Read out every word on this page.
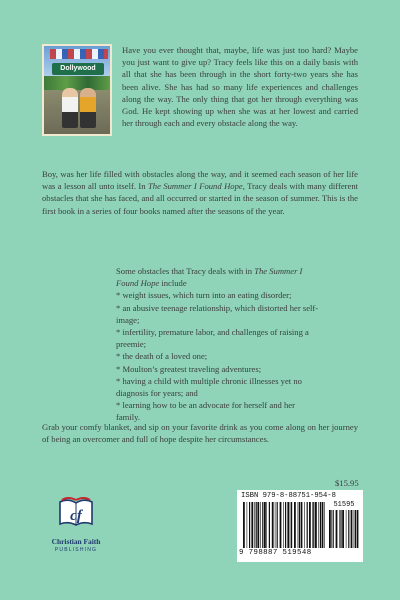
Dollywood

Have you ever thought that, maybe, life was just too hard? Maybe you just want to give up? Tracy feels like this on a daily basis with all that she has been through in the short forty-two years she has been alive. She has had so many life experiences and challenges along the way. The only thing that got her through everything was God. He kept showing up when she was at her lowest and carried her through each and every obstacle along the way.

Boy, was her life filled with obstacles along the way, and it seemed each season of her life was a lesson all unto itself. In The Summer I Found Hope, Tracy deals with many different obstacles that she has faced, and all occurred or started in the season of summer. This is the first book in a series of four books named after the seasons of the year.

Some obstacles that Tracy deals with in The Summer I Found Hope include
* weight issues, which turn into an eating disorder;
* an abusive teenage relationship, which distorted her self-image;
* infertility, premature labor, and challenges of raising a preemie;
* the death of a loved one;
* Moulton’s greatest traveling adventures;
* having a child with multiple chronic illnesses yet no diagnosis for years; and
* learning how to be an advocate for herself and her family.

Grab your comfy blanket, and sip on your favorite drink as you come along on her journey of being an overcomer and full of hope despite her circumstances.

$15.95
ISBN 979-8-88751-954-8
51595
9 798887 519548
cf
Christian Faith
PUBLISHING
